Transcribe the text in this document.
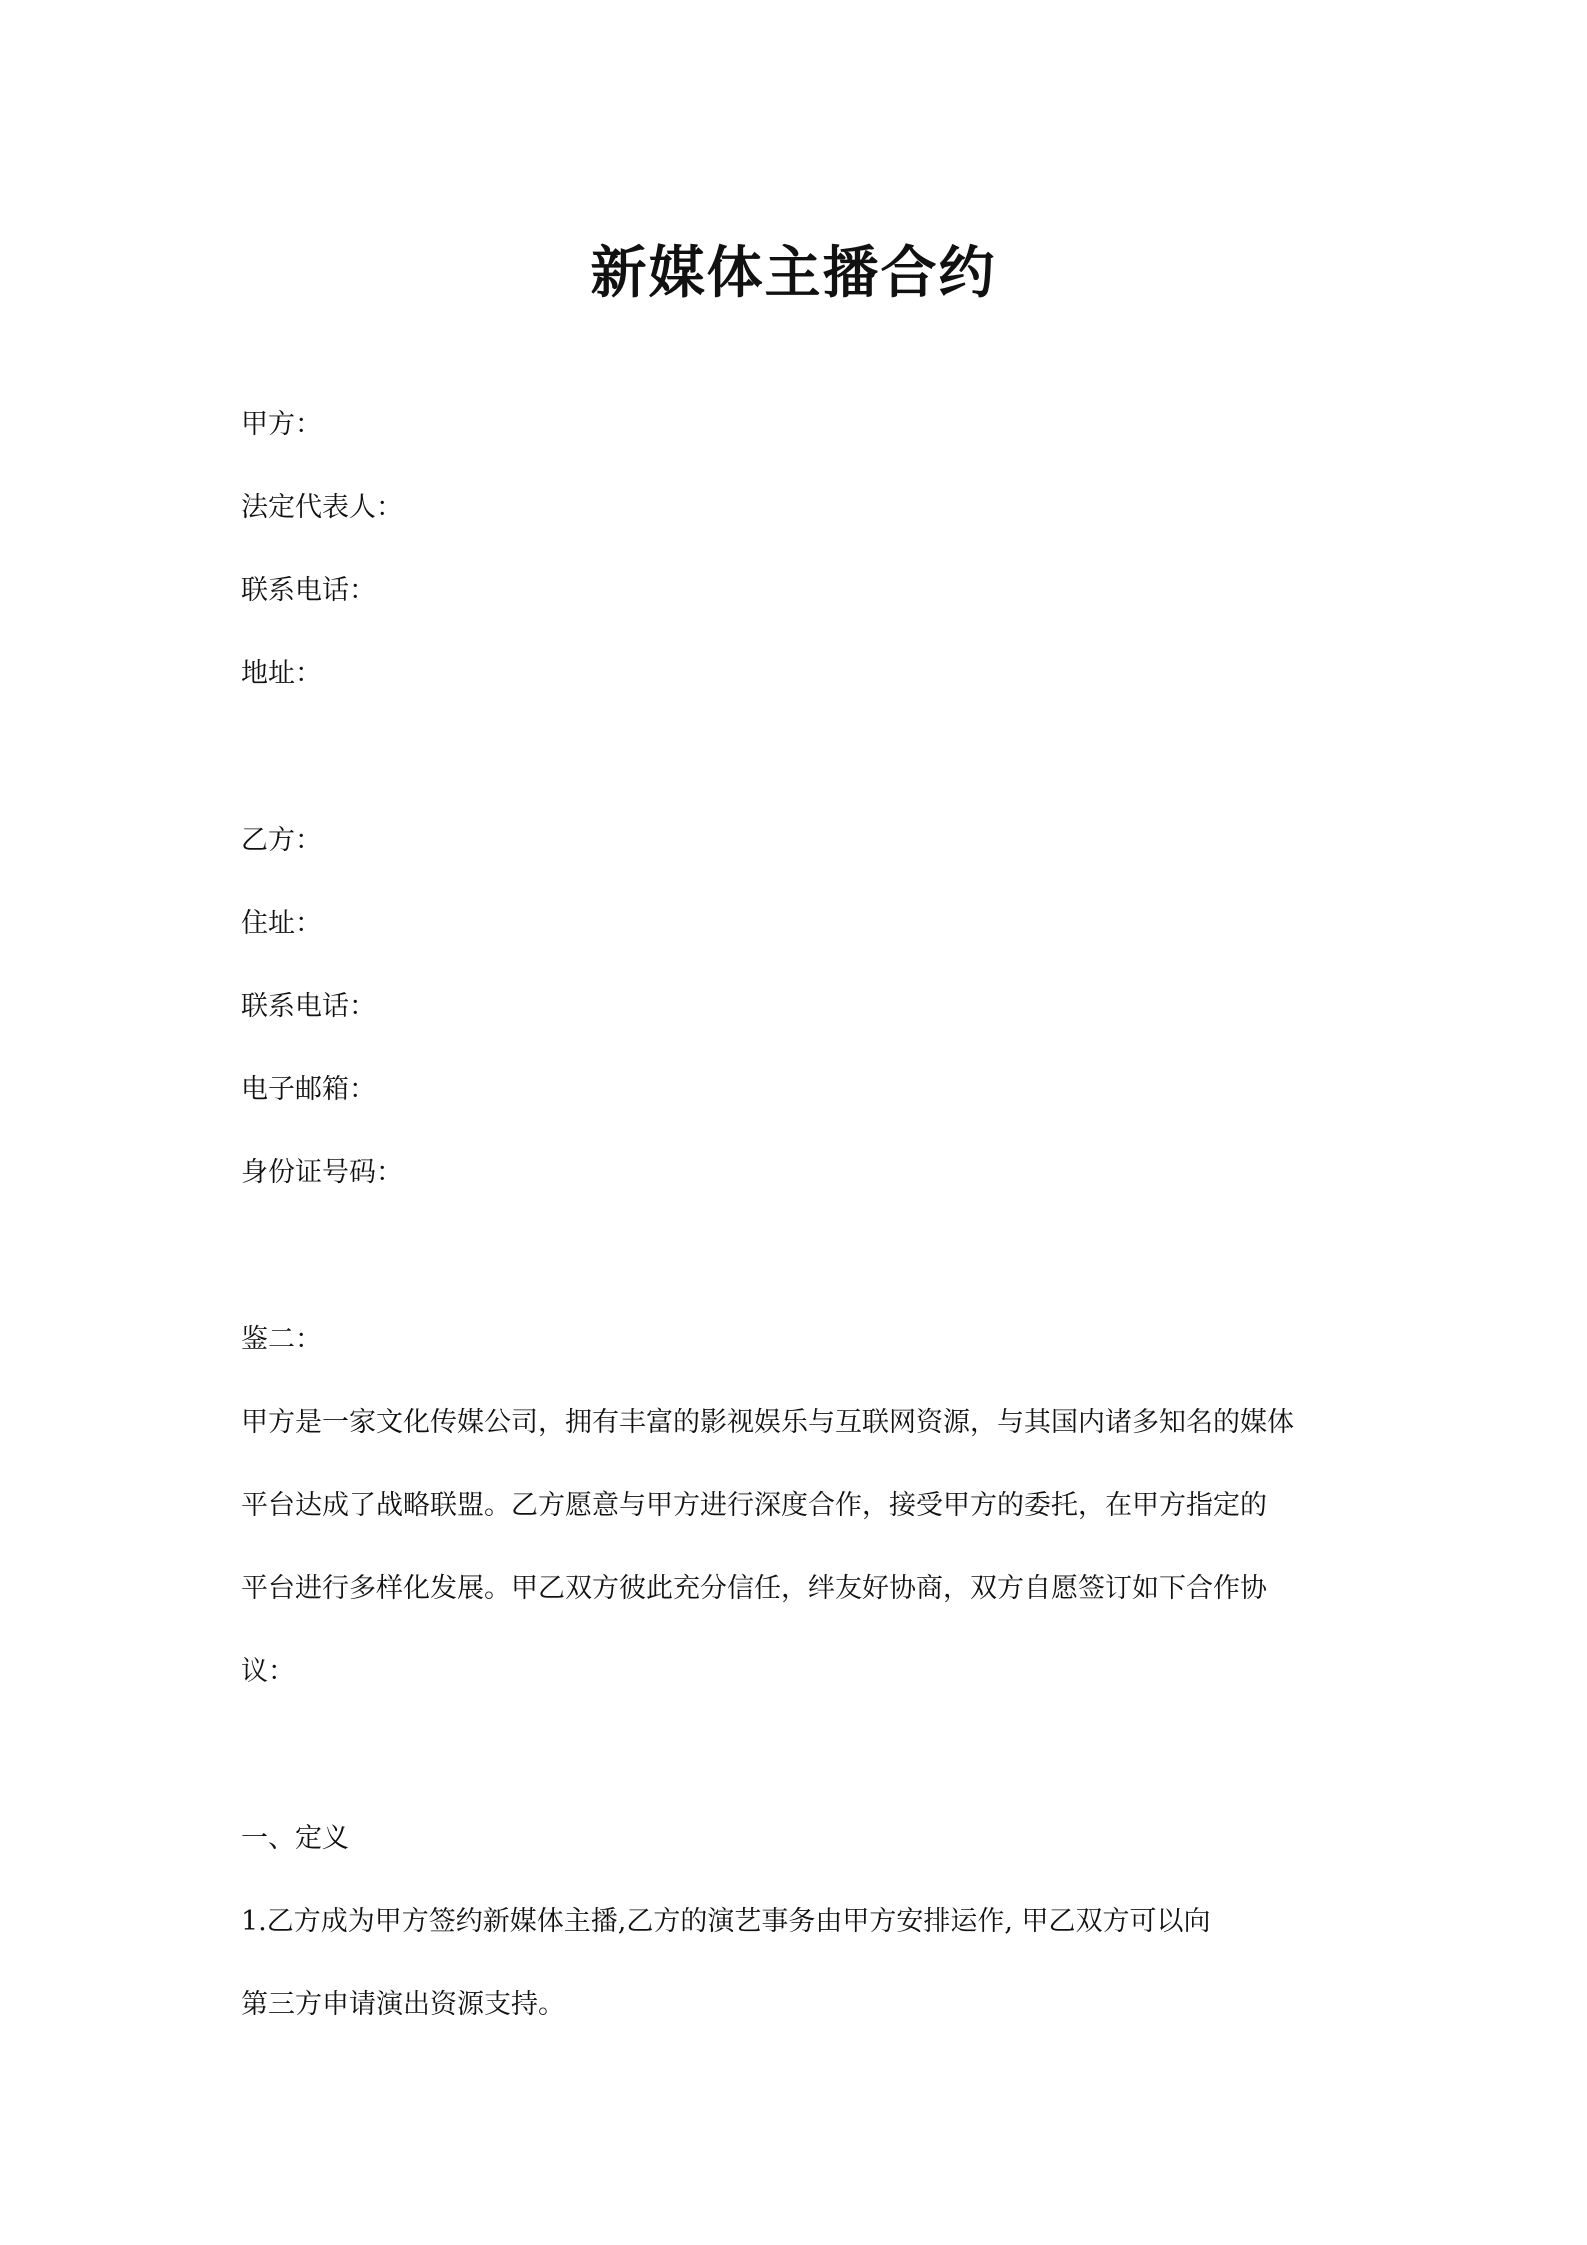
新媒体主播合约
甲方：
法定代表人：
联系电话：
地址：
乙方：
住址：
联系电话：
电子邮箱：
身份证号码：
鉴二：
甲方是一家文化传媒公司，拥有丰富的影视娱乐与互联网资源，与其国内诸多知名的媒体
平台达成了战略联盟。乙方愿意与甲方进行深度合作，接受甲方的委托，在甲方指定的
平台进行多样化发展。甲乙双方彼此充分信任，绊友好协商，双方自愿签订如下合作协
议：
一、定义
1.乙方成为甲方签约新媒体主播,乙方的演艺事务由甲方安排运作, 甲乙双方可以向
第三方申请演出资源支持。
